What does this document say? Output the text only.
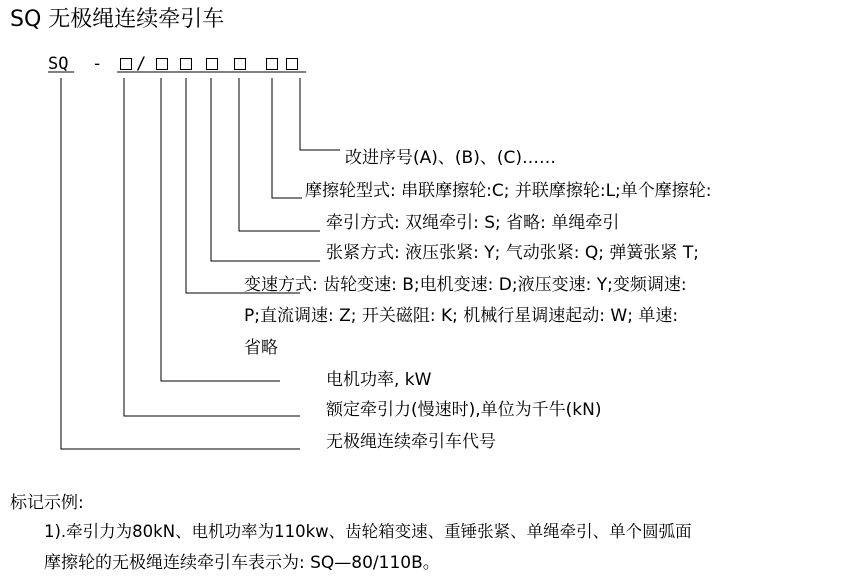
SQ 无极绳连续牵引车
SQ - /
改进序号(A)、(B)、(C)……
摩擦轮型式: 串联摩擦轮:C; 并联摩擦轮:L;单个摩擦轮:
牵引方式: 双绳牵引: S; 省略: 单绳牵引
张紧方式: 液压张紧: Y; 气动张紧: Q; 弹簧张紧 T;
变速方式: 齿轮变速: B;电机变速: D;液压变速: Y;变频调速:
P;直流调速: Z; 开关磁阻: K; 机械行星调速起动: W; 单速:
省略
电机功率, kW
额定牵引力(慢速时),单位为千牛(kN)
无极绳连续牵引车代号
标记示例:
1).牵引力为80kN、电机功率为110kw、齿轮箱变速、重锤张紧、单绳牵引、单个圆弧面
摩擦轮的无极绳连续牵引车表示为: SQ—80/110B。
